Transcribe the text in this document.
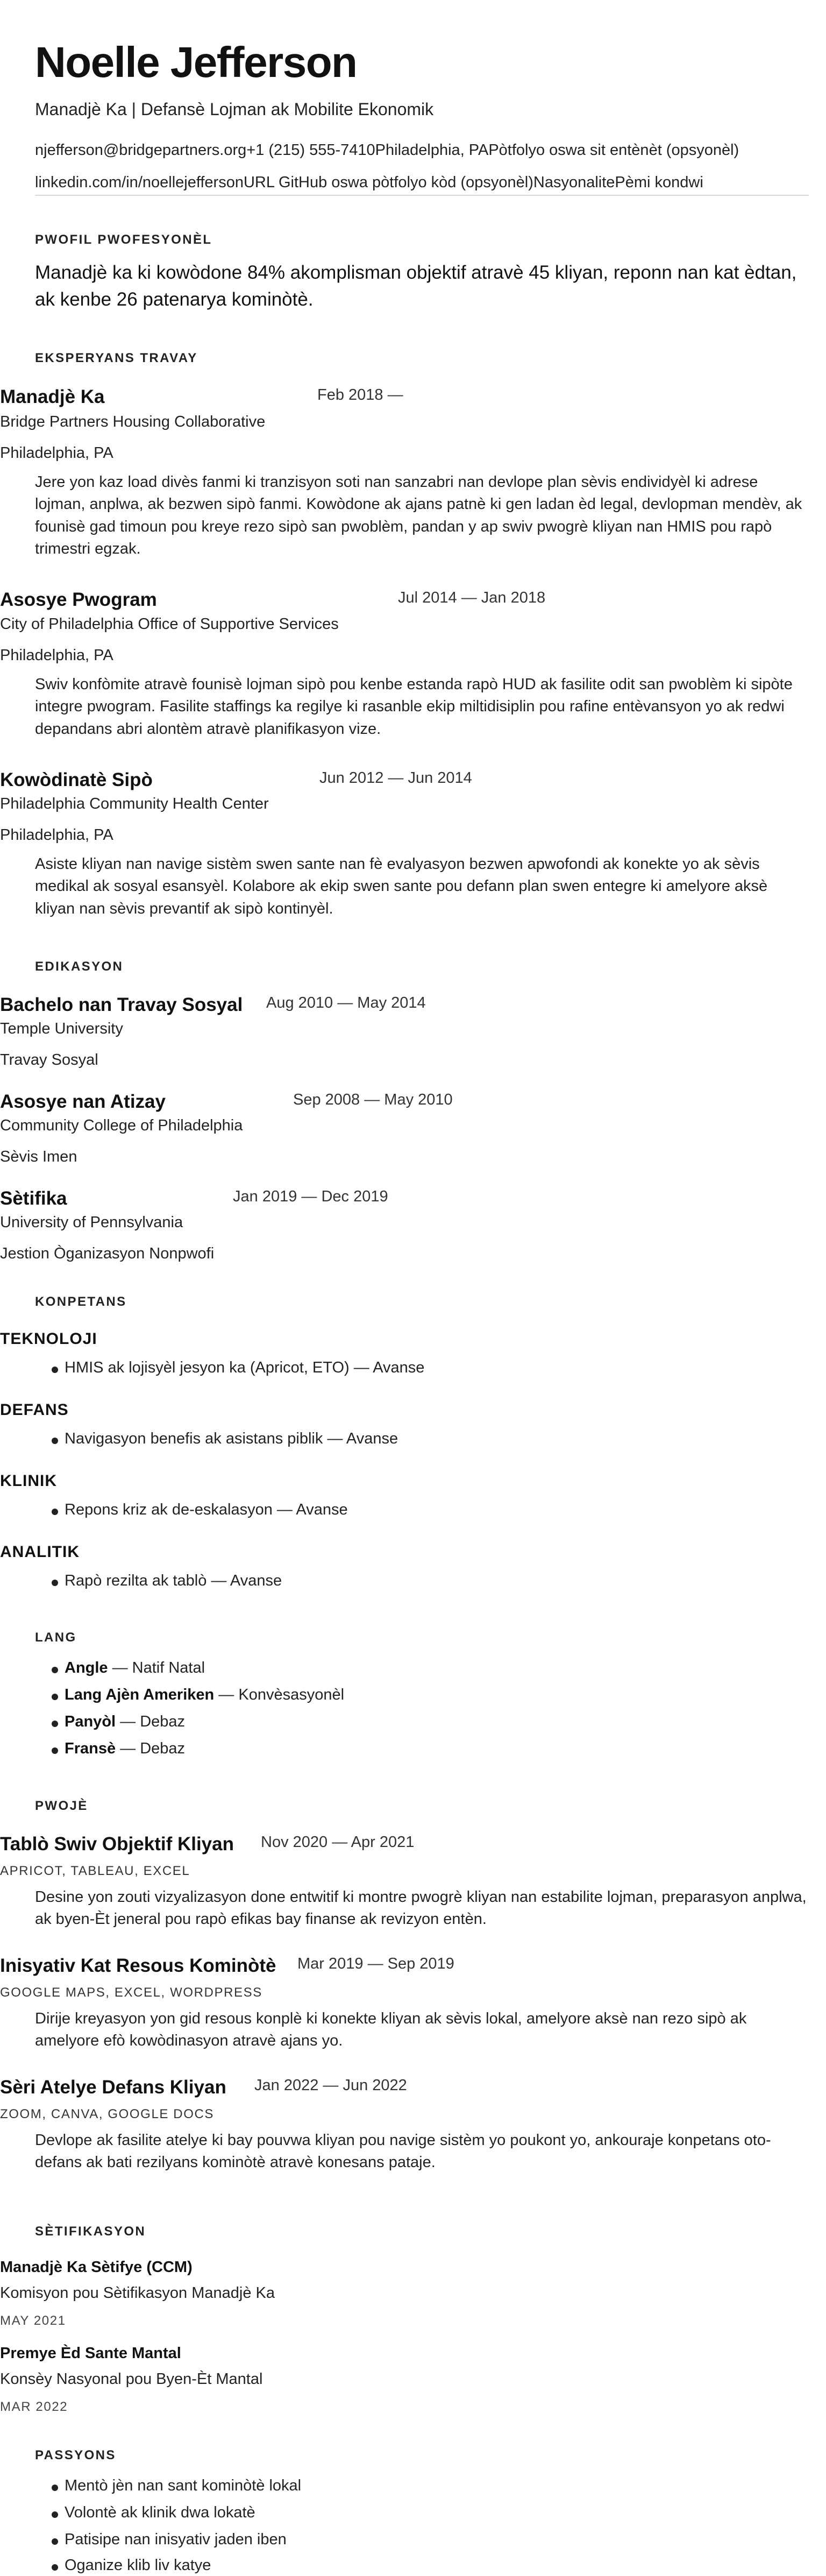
Noelle Jefferson
Manadjè Ka | Defansè Lojman ak Mobilite Ekonomik
njefferson@bridgepartners.org+1 (215) 555-7410Philadelphia, PAPòtfolyo oswa sit entènèt (opsyonèl)
linkedin.com/in/noellejeffersonURL GitHub oswa pòtfolyo kòd (opsyonèl)NasyonalitePèmi kondwi
PWOFIL PWOFESYONÈL
Manadjè ka ki kowòdone 84% akomplisman objektif atravè 45 kliyan, reponn nan kat èdtan, ak kenbe 26 patenarya kominòtè.
EKSPERYANS TRAVAY
Manadjè Ka	Feb 2018 —
Bridge Partners Housing Collaborative
Philadelphia, PA
Jere yon kaz load divès fanmi ki tranzisyon soti nan sanzabri nan devlope plan sèvis endividyèl ki adrese lojman, anplwa, ak bezwen sipò fanmi. Kowòdone ak ajans patnè ki gen ladan èd legal, devlopman mendèv, ak founisè gad timoun pou kreye rezo sipò san pwoblèm, pandan y ap swiv pwogrè kliyan nan HMIS pou rapò trimestri egzak.
Asosye Pwogram	Jul 2014 — Jan 2018
City of Philadelphia Office of Supportive Services
Philadelphia, PA
Swiv konfòmite atravè founisè lojman sipò pou kenbe estanda rapò HUD ak fasilite odit san pwoblèm ki sipòte integre pwogram. Fasilite staffings ka regilye ki rasanble ekip miltidisiplin pou rafine entèvansyon yo ak redwi depandans abri alontèm atravè planifikasyon vize.
Kowòdinatè Sipò	Jun 2012 — Jun 2014
Philadelphia Community Health Center
Philadelphia, PA
Asiste kliyan nan navige sistèm swen sante nan fè evalyasyon bezwen apwofondi ak konekte yo ak sèvis medikal ak sosyal esansyèl. Kolabore ak ekip swen sante pou defann plan swen entegre ki amelyore aksè kliyan nan sèvis prevantif ak sipò kontinyèl.
EDIKASYON
Bachelo nan Travay Sosyal Aug 2010 — May 2014
Temple University
Travay Sosyal
Asosye nan Atizay	Sep 2008 — May 2010
Community College of Philadelphia
Sèvis Imen
Sètifika	Jan 2019 — Dec 2019
University of Pennsylvania
Jestion Òganizasyon Nonpwofi
KONPETANS
TEKNOLOJI
HMIS ak lojisyèl jesyon ka (Apricot, ETO) — Avanse
DEFANS
Navigasyon benefis ak asistans piblik — Avanse
KLINIK
Repons kriz ak de-eskalasyon — Avanse
ANALITIK
Rapò rezilta ak tablò — Avanse
LANG
Angle — Natif Natal
Lang Ajèn Ameriken — Konvèsasyonèl
Panyòl — Debaz
Fransè — Debaz
PWOJÈ
Tablò Swiv Objektif Kliyan Nov 2020 — Apr 2021
APRICOT, TABLEAU, EXCEL
Desine yon zouti vizyalizasyon done entwitif ki montre pwogrè kliyan nan estabilite lojman, preparasyon anplwa, ak byen-Èt jeneral pou rapò efikas bay finanse ak revizyon entèn.
Inisyativ Kat Resous Kominòtè Mar 2019 — Sep 2019
GOOGLE MAPS, EXCEL, WORDPRESS
Dirije kreyasyon yon gid resous konplè ki konekte kliyan ak sèvis lokal, amelyore aksè nan rezo sipò ak amelyore efò kowòdinasyon atravè ajans yo.
Sèri Atelye Defans Kliyan Jan 2022 — Jun 2022
ZOOM, CANVA, GOOGLE DOCS
Devlope ak fasilite atelye ki bay pouvwa kliyan pou navige sistèm yo poukont yo, ankouraje konpetans oto-defans ak bati rezilyans kominòtè atravè konesans pataje.
SÈTIFIKASYON
Manadjè Ka Sètifye (CCM)
Komisyon pou Sètifikasyon Manadjè Ka
MAY 2021
Premye Èd Sante Mantal
Konsèy Nasyonal pou Byen-Èt Mantal
MAR 2022
PASSYONS
Mentò jèn nan sant kominòtè lokal
Volontè ak klinik dwa lokatè
Patisipe nan inisyativ jaden iben
Oganize klib liv katye
